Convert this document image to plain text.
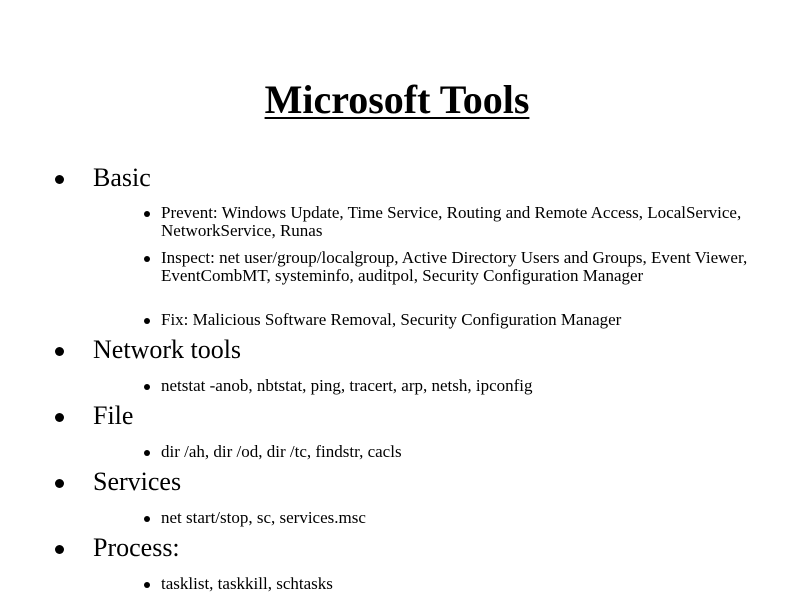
Microsoft Tools
Basic
Prevent: Windows Update, Time Service, Routing and Remote Access, LocalService, NetworkService, Runas
Inspect: net user/group/localgroup, Active Directory Users and Groups, Event Viewer, EventCombMT, systeminfo, auditpol, Security Configuration Manager
Fix: Malicious Software Removal, Security Configuration Manager
Network tools
netstat -anob, nbtstat, ping, tracert, arp, netsh, ipconfig
File
dir /ah, dir /od, dir /tc, findstr, cacls
Services
net start/stop, sc, services.msc
Process:
tasklist, taskkill, schtasks
